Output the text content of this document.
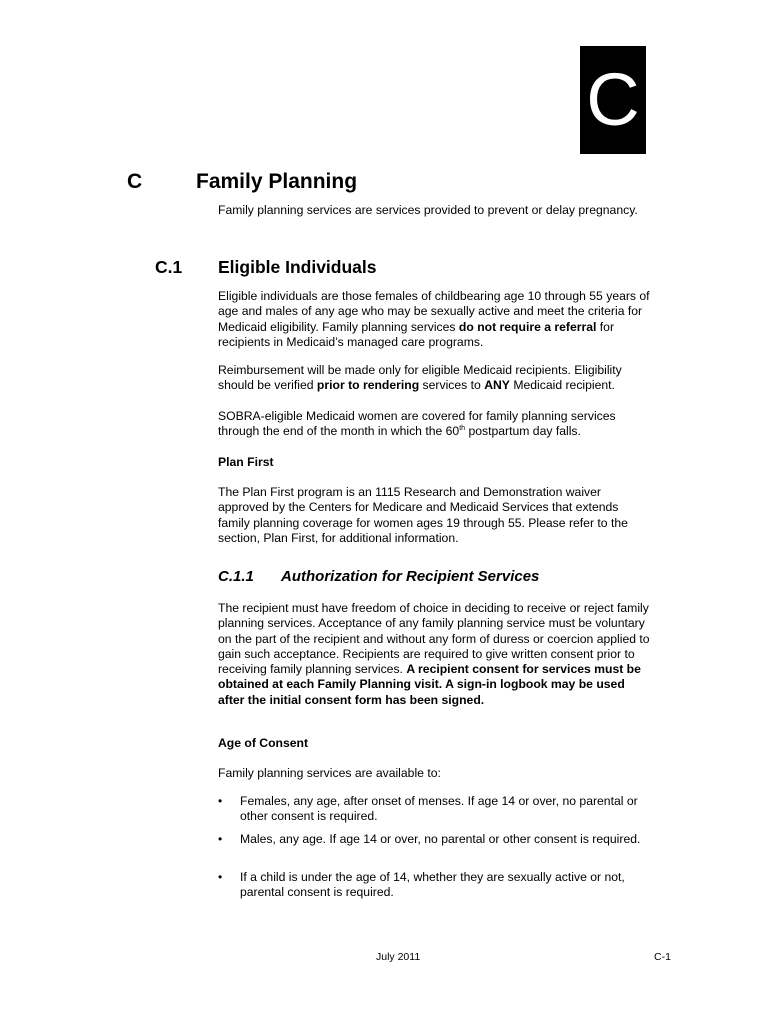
C
C	Family Planning
Family planning services are services provided to prevent or delay pregnancy.
C.1 Eligible Individuals

Eligible individuals are those females of childbearing age 10 through 55 years of age and males of any age who may be sexually active and meet the criteria for Medicaid eligibility. Family planning services do not require a referral for recipients in Medicaid’s managed care programs.

Reimbursement will be made only for eligible Medicaid recipients. Eligibility should be verified prior to rendering services to ANY Medicaid recipient.

SOBRA-eligible Medicaid women are covered for family planning services through the end of the month in which the 60th postpartum day falls.

Plan First
The Plan First program is an 1115 Research and Demonstration waiver approved by the Centers for Medicare and Medicaid Services that extends family planning coverage for women ages 19 through 55. Please refer to the section, Plan First, for additional information.
C.1.1 Authorization for Recipient Services

The recipient must have freedom of choice in deciding to receive or reject family planning services. Acceptance of any family planning service must be voluntary on the part of the recipient and without any form of duress or coercion applied to gain such acceptance. Recipients are required to give written consent prior to receiving family planning services. A recipient consent for services must be obtained at each Family Planning visit. A sign-in logbook may be used after the initial consent form has been signed.

Age of Consent
Family planning services are available to:
• Females, any age, after onset of menses. If age 14 or over, no parental or other consent is required.
• Males, any age. If age 14 or over, no parental or other consent is required.
• If a child is under the age of 14, whether they are sexually active or not, parental consent is required.
July 2011	C-1
